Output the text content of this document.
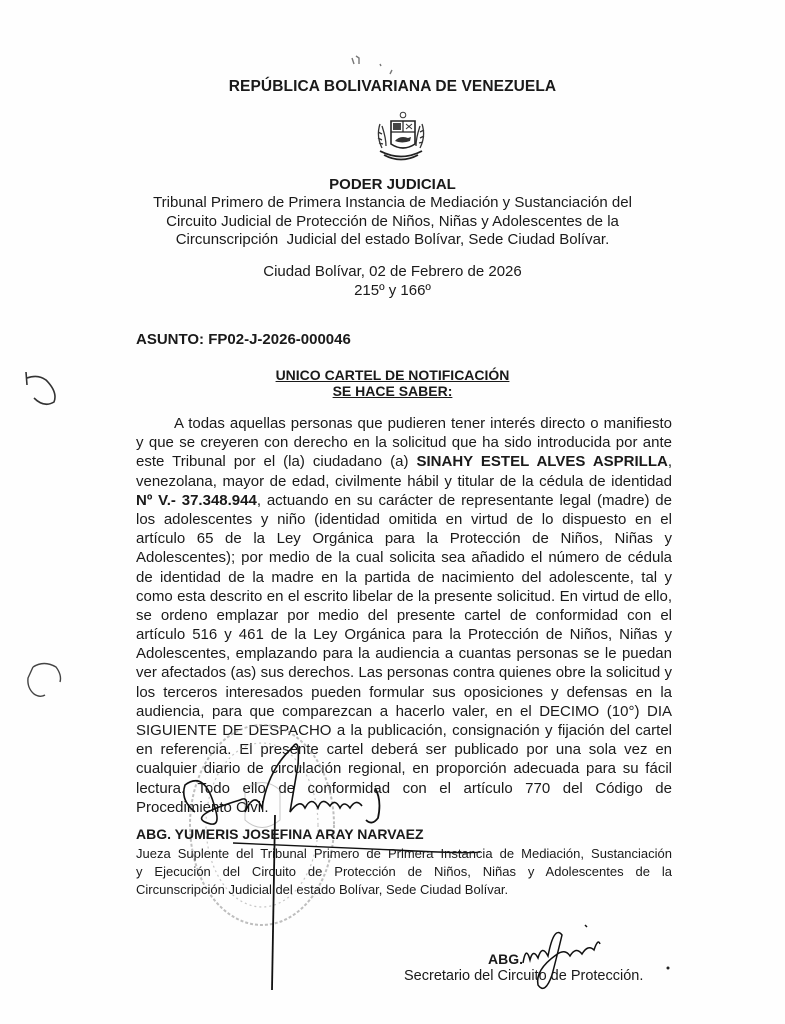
REPÚBLICA BOLIVARIANA DE VENEZUELA
PODER JUDICIAL
Tribunal Primero de Primera Instancia de Mediación y Sustanciación del
Circuito Judicial de Protección de Niños, Niñas y Adolescentes de la
Circunscripción  Judicial del estado Bolívar, Sede Ciudad Bolívar.
Ciudad Bolívar, 02 de Febrero de 2026
215º y 166º
ASUNTO: FP02-J-2026-000046
UNICO CARTEL DE NOTIFICACIÓN
SE HACE SABER:
A todas aquellas personas que pudieren tener interés directo o manifiesto
y que se creyeren con derecho en la solicitud que ha sido introducida por ante
este Tribunal por el (la) ciudadano (a) SINAHY ESTEL ALVES ASPRILLA,
venezolana, mayor de edad, civilmente hábil y titular de la cédula de identidad
Nº V.- 37.348.944, actuando en su carácter de representante legal (madre) de
los adolescentes y niño (identidad omitida en virtud de lo dispuesto en el
artículo 65 de la Ley Orgánica para la Protección de Niños, Niñas y
Adolescentes); por medio de la cual solicita sea añadido el número de cédula
de identidad de la madre en la partida de nacimiento del adolescente, tal y
como esta descrito en el escrito libelar de la presente solicitud. En virtud de ello,
se ordeno emplazar por medio del presente cartel de conformidad con el
artículo 516 y 461 de la Ley Orgánica para la Protección de Niños, Niñas y
Adolescentes, emplazando para la audiencia a cuantas personas se le puedan
ver afectados (as) sus derechos. Las personas contra quienes obre la solicitud y
los terceros interesados pueden formular sus oposiciones y defensas en la
audiencia, para que comparezcan a hacerlo valer, en el DECIMO (10°) DIA
SIGUIENTE DE DESPACHO a la publicación, consignación y fijación del cartel
en referencia. El presente cartel deberá ser publicado por una sola vez en
cualquier diario de circulación regional, en proporción adecuada para su fácil
lectura. Todo ello de conformidad con el artículo 770 del Código de
Procedimiento Civil.
ABG. YUMERIS JOSEFINA ARAY NARVAEZ
Jueza Suplente del Tribunal Primero de Primera Instancia de Mediación, Sustanciación
y Ejecución del Circuito de Protección de Niños, Niñas y Adolescentes de la
Circunscripción Judicial del estado Bolívar, Sede Ciudad Bolívar.
ABG.
Secretario del Circuito de Protección.
